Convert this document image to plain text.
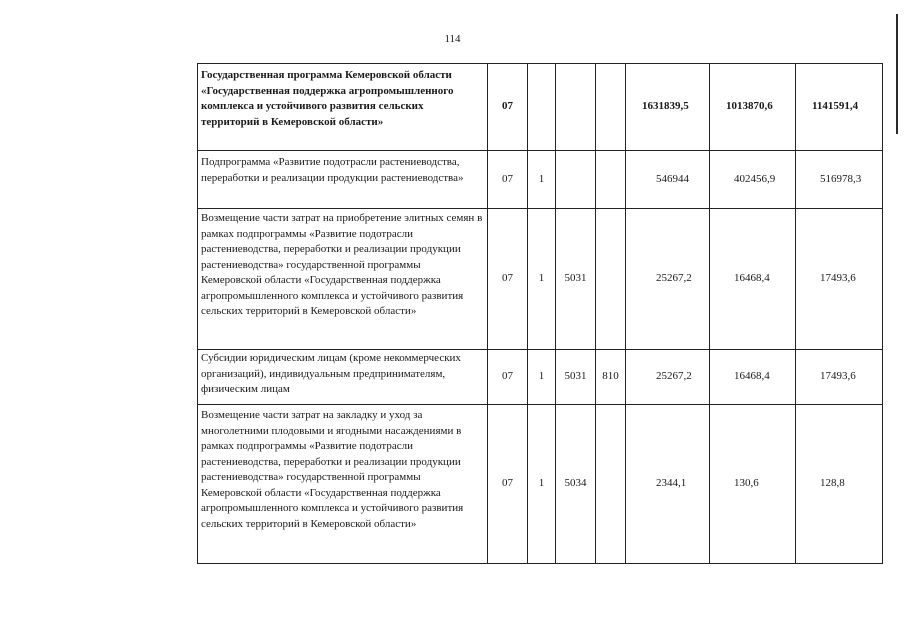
114
Государственная программа Кемеровской области «Государственная поддержка агропромышленного комплекса и устойчивого развития сельских территорий в Кемеровской области»	07				1631839,5	1013870,6	1141591,4
Подпрограмма «Развитие подотрасли растениеводства, переработки и реализации продукции растениеводства»	07	1			546944	402456,9	516978,3
Возмещение части затрат на приобретение элитных семян в рамках подпрограммы «Развитие подотрасли растениеводства, переработки и реализации продукции растениеводства» государственной программы Кемеровской области «Государственная поддержка агропромышленного комплекса и устойчивого развития сельских территорий в Кемеровской области»	07	1	5031		25267,2	16468,4	17493,6
Субсидии юридическим лицам (кроме некоммерческих организаций), индивидуальным предпринимателям, физическим лицам	07	1	5031	810	25267,2	16468,4	17493,6
Возмещение части затрат на закладку и уход за многолетними плодовыми и ягодными насаждениями в рамках подпрограммы «Развитие подотрасли растениеводства, переработки и реализации продукции растениеводства» государственной программы Кемеровской области «Государственная поддержка агропромышленного комплекса и устойчивого развития сельских территорий в Кемеровской области»	07	1	5034		2344,1	130,6	128,8
